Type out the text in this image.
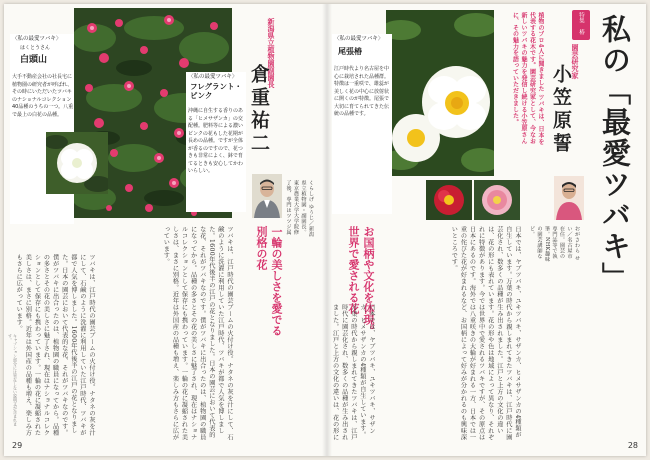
〈私の最愛ツバキ〉
はくとうさん
白頭山
大手不動産会社の社長宅に植物園の研究者が呼ばれ、その時にいただいたツバキのナショナルコレクション40品種のうちの一つ。八重で最上の白花の品種。
〈私の最愛ツバキ〉
フレグラント・ピンク
沖縄に自生する香りのある「ヒメサザンカ」の交配種。肥料等による濃いピンクの花もした花期が長めの品種。ですが全体が香るのですので、花つきも非常によく、鉢で育てるときも安心してかわいらしい。
新潟県立植物園副園長
倉重祐二
くらしげ ゆうじ／新潟県立植物園・副園長。東京農業大学大学院修了後、専門はツツジ属
一輪の美しさを愛でる別格の花
ツバキは、江戸時代の園芸ブームの火付け役。ナタネの灰を汁にして、石鹸のように洗濯に利用していた江戸時代、ツバキが都で人気を博しました。1600年代後半の江戸の花となりました。日本の園芸において代表的な花、それがツバキなのです。僕がツバキに出合ったのは、植物園の職員になってから。品種の多さとその花の美しさに魅了され、現在はナショナルコレクションとして保存にも携わっています。一輪の花に凝縮された美しさは、まさに別格。近年は外国産の品種も増え、楽しみ方もさらに広がっています。
ツバキは、江戸時代の園芸ブームの火付け役。ナタネの灰を汁にして、石鹸のように洗濯に利用していた江戸時代、ツバキが都で人気を博しました。1600年代後半の江戸の花となりました。日本の園芸において代表的な花、それがツバキなのです。僕がツバキに出合ったのは、植物園の職員になってから。品種の多さとその花の美しさに魅了され、現在はナショナルコレクションとして保存にも携わっています。一輪の花に凝縮された美しさは、まさに別格。近年は外国産の品種も増え、楽しみ方もさらに広がっています。
キャプション部分には実在しない説明文が含まれます。
29
〈私の最愛ツバキ〉
尾張椿
江戸時代より名古屋を中心に栽培された品種群。特徴は一重咲で、雄蕊が美しく花の中心に放射状に開くのが特徴。尾張で大切に育てられてきた伝統の品種です。
園芸研究家
小笠原誓
特集 椿 私の「最愛ツバキ」
植物のプロ4人に聞きました ツバキは、日本を代表する花木です。園芸研究家として、今なお新しいツバキの魅力を発信し続ける小笠原さんに、その魅力を語っていただきました。
おがさわら せい／名古屋市在住。園芸の専門誌等で執筆。NHK趣味の園芸講師など。
お国柄や文化を体現。世界で愛される花	日本では、ヤブツバキ、ユキツバキ、サザンカ、ヒメサザンカの4種類が自生しています。万葉の時代から親しまれてきたツバキは、江戸時代に園芸化され、数多くの品種が生み出されました。江戸と上方の文化の違いは、花の形にも表れています。花の形や色は地域によって異なり、それぞれに特徴があります。今では世界中で愛されるツバキですが、その原点は日本にあるのです。海外では八重咲きの大輪が好まれる一方、日本では一重の侘びた花が好まれるなど、お国柄によって好みが分かれるのも興味深いところです。
日本では、ヤブツバキ、ユキツバキ、サザンカ、ヒメサザンカの4種類が自生しています。万葉の時代から親しまれてきたツバキは、江戸時代に園芸化され、数多くの品種が生み出されました。江戸と上方の文化の違いは、花の形に
28
